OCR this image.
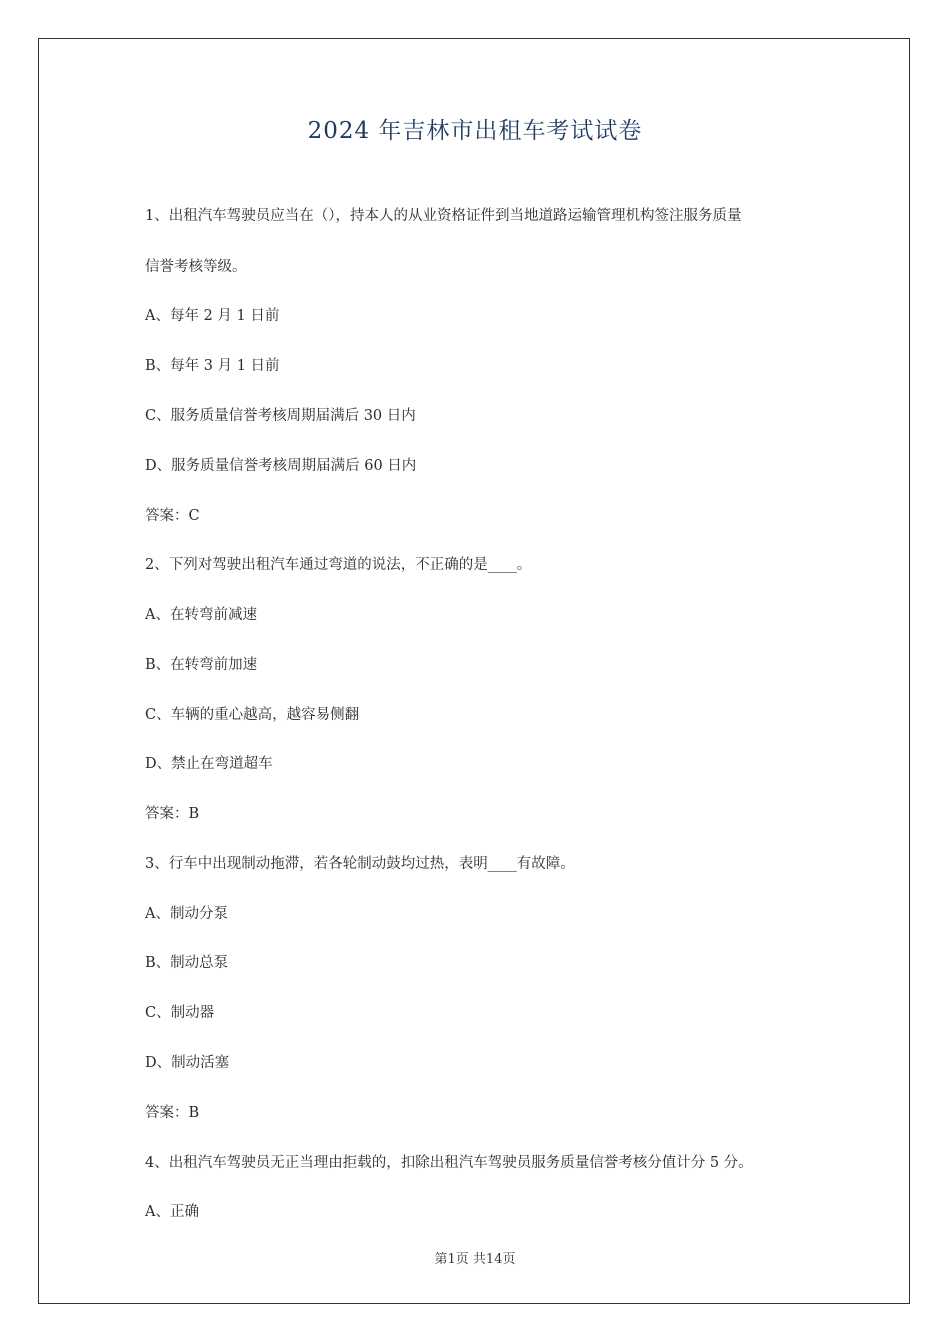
2024 年吉林市出租车考试试卷
1、出租汽车驾驶员应当在（），持本人的从业资格证件到当地道路运输管理机构签注服务质量
信誉考核等级。
A、每年 2 月 1 日前
B、每年 3 月 1 日前
C、服务质量信誉考核周期届满后 30 日内
D、服务质量信誉考核周期届满后 60 日内
答案：C
2、下列对驾驶出租汽车通过弯道的说法，不正确的是____。
A、在转弯前减速
B、在转弯前加速
C、车辆的重心越高，越容易侧翻
D、禁止在弯道超车
答案：B
3、行车中出现制动拖滞，若各轮制动鼓均过热，表明____有故障。
A、制动分泵
B、制动总泵
C、制动器
D、制动活塞
答案：B
4、出租汽车驾驶员无正当理由拒载的，扣除出租汽车驾驶员服务质量信誉考核分值计分 5 分。
A、正确
第1页 共14页
